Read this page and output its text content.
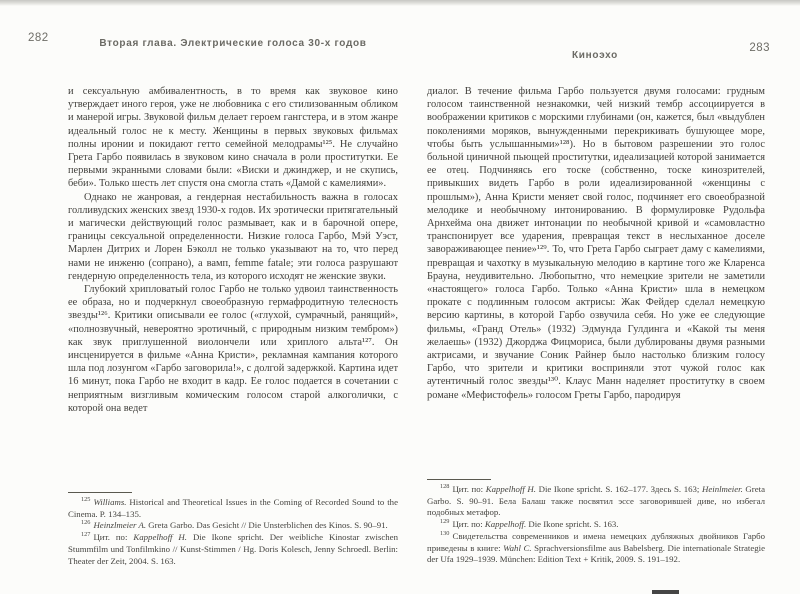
282	Вторая глава. Электрические голоса 30-х годов

и сексуальную амбивалентность, в то время как звуковое кино утверждает иного героя, уже не любовника с его стилизованным обликом и манерой игры. Звуковой фильм делает героем гангстера, и в этом жанре идеальный голос не к месту. Женщины в первых звуковых фильмах полны иронии и покидают гетто семейной мелодрамы¹²⁵. Не случайно Грета Гарбо появилась в звуковом кино сначала в роли проститутки. Ее первыми экранными словами были: «Виски и джинджер, и не скупись, беби». Только шесть лет спустя она смогла стать «Дамой с камелиями».

Однако не жанровая, а гендерная нестабильность важна в голосах голливудских женских звезд 1930-х годов. Их эротически притягательный и магически действующий голос размывает, как и в барочной опере, границы сексуальной определенности. Низкие голоса Гарбо, Мэй Уэст, Марлен Дитрих и Лорен Бэколл не только указывают на то, что перед нами не инженю (сопрано), а вамп, femme fatale; эти голоса разрушают гендерную определенность тела, из которого исходят не женские звуки.

Глубокий хрипловатый голос Гарбо не только удвоил таинственность ее образа, но и подчеркнул своеобразную гермафродитную телесность звезды¹²⁶. Критики описывали ее голос («глухой, сумрачный, ранящий», «полнозвучный, невероятно эротичный, с природным низким тембром») как звук приглушенной виолончели или хриплого альта¹²⁷. Он инсценируется в фильме «Анна Кристи», рекламная кампания которого шла под лозунгом «Гарбо заговорила!», с долгой задержкой. Картина идет 16 минут, пока Гарбо не входит в кадр. Ее голос подается в сочетании с неприятным визгливым комическим голосом старой алкоголички, с которой она ведет

$^{125}$ Williams. Historical and Theoretical Issues in the Coming of Recorded Sound to the Cinema. P. 134–135.

$^{126}$ Heinzlmeier A. Greta Garbo. Das Gesicht // Die Unsterblichen des Kinos. S. 90–91.

$^{127}$ Цит. по: Kappelhoff H. Die Ikone spricht. Der weibliche Kinostar zwischen Stummfilm und Tonfilmkino // Kunst-Stimmen / Hg. Doris Kolesch, Jenny Schroedl. Berlin: Theater der Zeit, 2004. S. 163.

283
Киноэхо

диалог. В течение фильма Гарбо пользуется двумя голосами: грудным голосом таинственной незнакомки, чей низкий тембр ассоциируется в воображении критиков с морскими глубинами (он, кажется, был «выдублен поколениями моряков, вынужденными перекрикивать бушующее море, чтобы быть услышанными»¹²⁸). Но в бытовом разрешении это голос больной циничной пьющей проститутки, идеализацией которой занимается ее отец. Подчиняясь его тоске (собственно, тоске кинозрителей, привыкших видеть Гарбо в роли идеализированной «женщины с прошлым»), Анна Кристи меняет свой голос, подчиняет его своеобразной мелодике и необычному интонированию. В формулировке Рудольфа Арнхейма она движет интонации по необычной кривой и «самовластно транспонирует все ударения, превращая текст в неслыханное доселе завораживающее пение»¹²⁹. То, что Грета Гарбо сыграет даму с камелиями, превращая и чахотку в музыкальную мелодию в картине того же Кларенса Брауна, неудивительно. Любопытно, что немецкие зрители не заметили «настоящего» голоса Гарбо. Только «Анна Кристи» шла в немецком прокате с подлинным голосом актрисы: Жак Фейдер сделал немецкую версию картины, в которой Гарбо озвучила себя. Но уже ее следующие фильмы, «Гранд Отель» (1932) Эдмунда Гулдинга и «Какой ты меня желаешь» (1932) Джорджа Фицмориса, были дублированы двумя разными актрисами, и звучание Соник Райнер было настолько близким голосу Гарбо, что зрители и критики восприняли этот чужой голос как аутентичный голос звезды¹³⁰. Клаус Манн наделяет проститутку в своем романе «Мефистофель» голосом Греты Гарбо, пародируя

$^{128}$ Цит. по: Kappelhoff H. Die Ikone spricht. S. 162–177. Здесь S. 163; Heinlmeier. Greta Garbo. S. 90–91. Бела Балаш также посвятил эссе заговорившей диве, но избегал подобных метафор.

$^{129}$ Цит. по: Kappelhoff. Die Ikone spricht. S. 163.

$^{130}$ Свидетельства современников и имена немецких дубляжных двойников Гарбо приведены в книге: Wahl C. Sprachversionsfilme aus Babelsberg. Die internationale Strategie der Ufa 1929–1939. München: Edition Text + Kritik, 2009. S. 191–192.
